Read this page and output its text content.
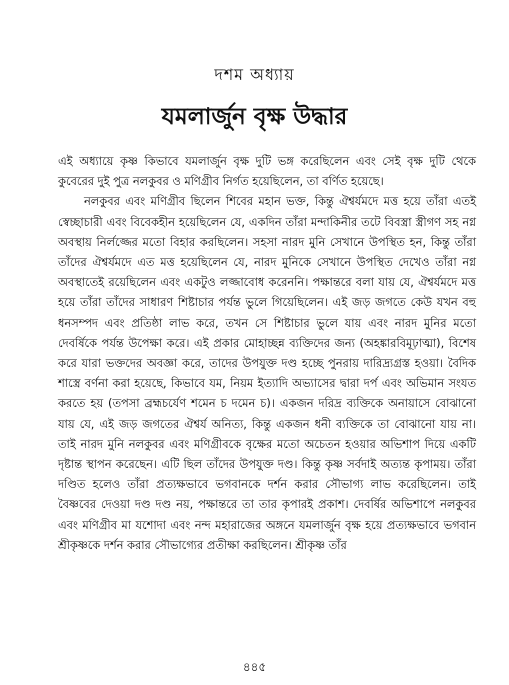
দশম অধ্যায়
যমলার্জুন বৃক্ষ উদ্ধার

এই অধ্যায়ে কৃষ্ণ কিভাবে যমলার্জুন বৃক্ষ দুটি ভঙ্গ করেছিলেন এবং সেই বৃক্ষ দুটি থেকে কুবেরের দুই পুত্র নলকুবর ও মণিগ্রীব নির্গত হয়েছিলেন, তা বর্ণিত হয়েছে।

নলকুবর এবং মণিগ্রীব ছিলেন শিবের মহান ভক্ত, কিন্তু ঐশ্বর্যমদে মত্ত হয়ে তাঁরা এতই স্বেচ্ছাচারী এবং বিবেকহীন হয়েছিলেন যে, একদিন তাঁরা মন্দাকিনীর তটে বিবস্ত্রা স্ত্রীগণ সহ নগ্ন অবস্থায় নির্লজ্জের মতো বিহার করছিলেন। সহসা নারদ মুনি সেখানে উপস্থিত হন, কিন্তু তাঁরা তাঁদের ঐশ্বর্যমদে এত মত্ত হয়েছিলেন যে, নারদ মুনিকে সেখানে উপস্থিত দেখেও তাঁরা নগ্ন অবস্থাতেই রয়েছিলেন এবং একটুও লজ্জাবোধ করেননি। পক্ষান্তরে বলা যায় যে, ঐশ্বর্যমদে মত্ত হয়ে তাঁরা তাঁদের সাধারণ শিষ্টাচার পর্যন্ত ভুলে গিয়েছিলেন। এই জড় জগতে কেউ যখন বহু ধনসম্পদ এবং প্রতিষ্ঠা লাভ করে, তখন সে শিষ্টাচার ভুলে যায় এবং নারদ মুনির মতো দেবর্ষিকে পর্যন্ত উপেক্ষা করে। এই প্রকার মোহাচ্ছন্ন ব্যক্তিদের জন্য (অহঙ্কারবিমূঢ়াত্মা), বিশেষ করে যারা ভক্তদের অবজ্ঞা করে, তাদের উপযুক্ত দণ্ড হচ্ছে পুনরায় দারিদ্র্যগ্রস্ত হওয়া। বৈদিক শাস্ত্রে বর্ণনা করা হয়েছে, কিভাবে যম, নিয়ম ইত্যাদি অভ্যাসের দ্বারা দর্প এবং অভিমান সংযত করতে হয় (তপসা ব্রহ্মচর্যেণ শমেন চ দমেন চ)। একজন দরিদ্র ব্যক্তিকে অনায়াসে বোঝানো যায় যে, এই জড় জগতের ঐশ্বর্য অনিত্য, কিন্তু একজন ধনী ব্যক্তিকে তা বোঝানো যায় না। তাই নারদ মুনি নলকুবর এবং মণিগ্রীবকে বৃক্ষের মতো অচেতন হওয়ার অভিশাপ দিয়ে একটি দৃষ্টান্ত স্থাপন করেছেন। এটি ছিল তাঁদের উপযুক্ত দণ্ড। কিন্তু কৃষ্ণ সর্বদাই অত্যন্ত কৃপাময়। তাঁরা দণ্ডিত হলেও তাঁরা প্রত্যক্ষভাবে ভগবানকে দর্শন করার সৌভাগ্য লাভ করেছিলেন। তাই বৈষ্ণবের দেওয়া দণ্ড দণ্ড নয়, পক্ষান্তরে তা তার কৃপারই প্রকাশ। দেবর্ষির অভিশাপে নলকুবর এবং মণিগ্রীব মা যশোদা এবং নন্দ মহারাজের অঙ্গনে যমলার্জুন বৃক্ষ হয়ে প্রত্যক্ষভাবে ভগবান শ্রীকৃষ্ণকে দর্শন করার সৌভাগ্যের প্রতীক্ষা করছিলেন। শ্রীকৃষ্ণ তাঁর

৪৪৫
